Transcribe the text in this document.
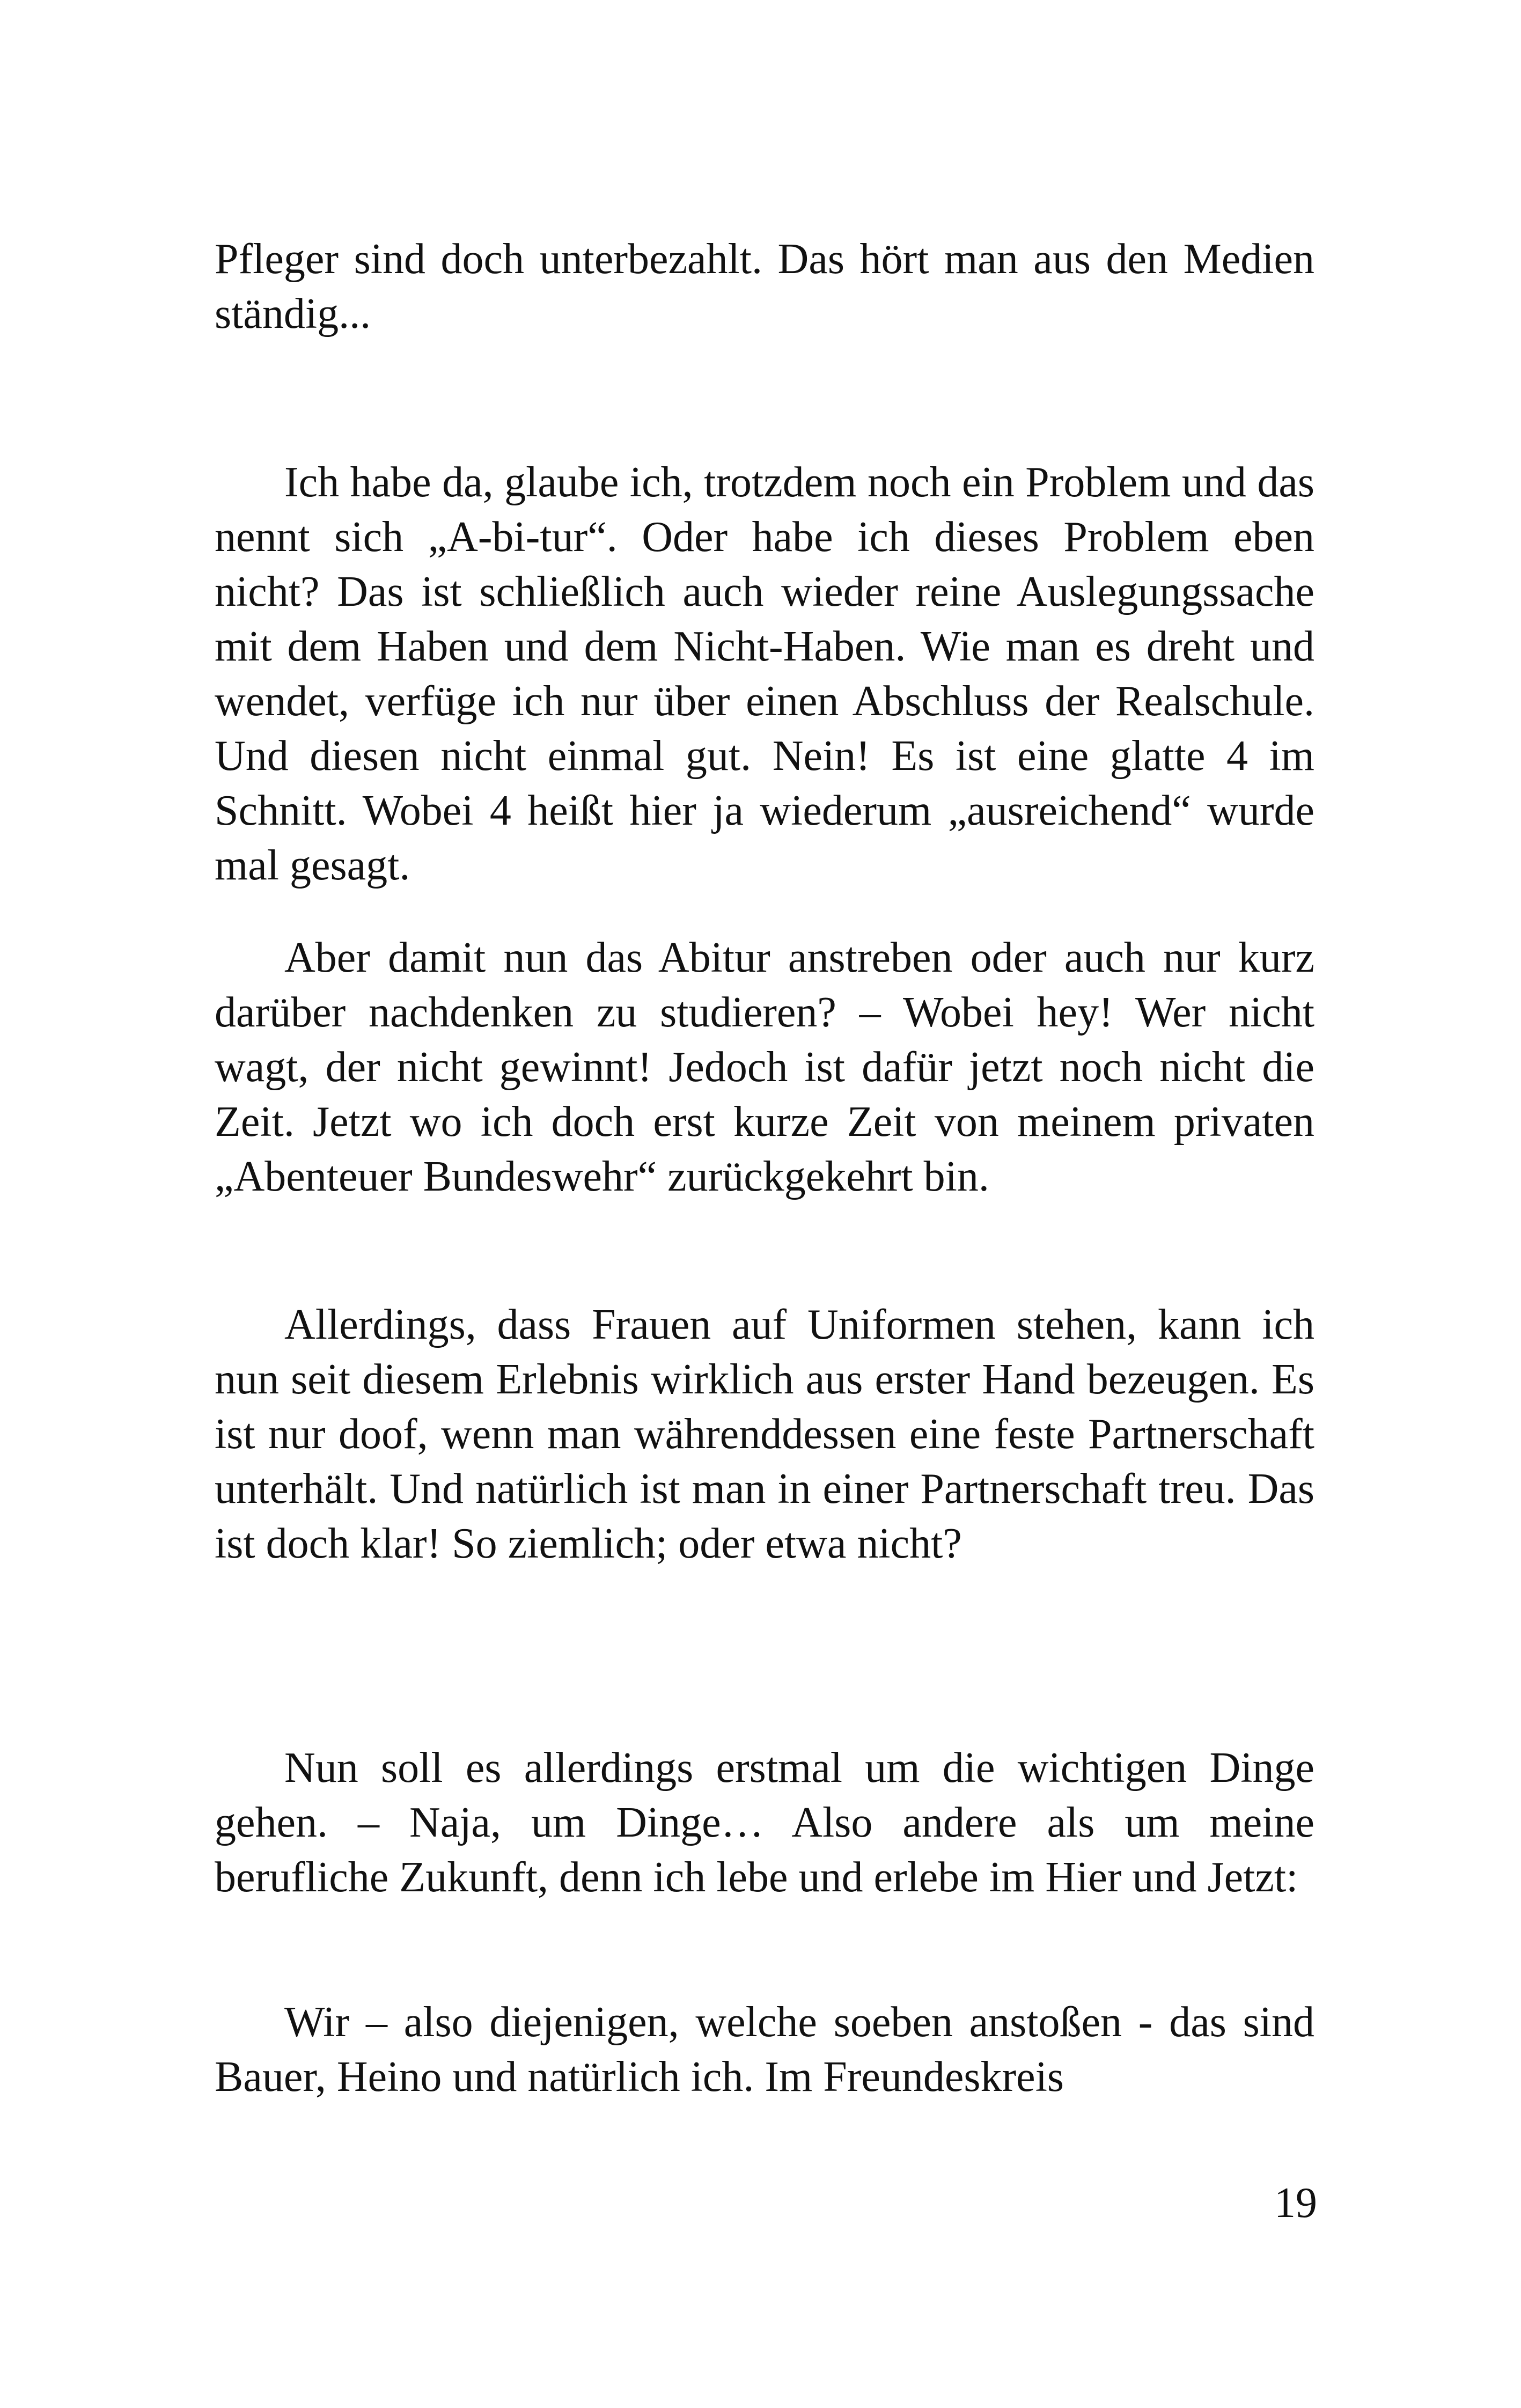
Pfleger sind doch unterbezahlt. Das hört man aus den Medien ständig...

Ich habe da, glaube ich, trotzdem noch ein Problem und das nennt sich „A-bi-tur“. Oder habe ich dieses Problem eben nicht? Das ist schließlich auch wieder reine Auslegungssache mit dem Haben und dem Nicht-Haben. Wie man es dreht und wendet, verfüge ich nur über einen Abschluss der Realschule. Und diesen nicht einmal gut. Nein! Es ist eine glatte 4 im Schnitt. Wobei 4 heißt hier ja wiederum „ausreichend“ wurde mal gesagt.

Aber damit nun das Abitur anstreben oder auch nur kurz darüber nachdenken zu studieren? – Wobei hey! Wer nicht wagt, der nicht gewinnt! Jedoch ist dafür jetzt noch nicht die Zeit. Jetzt wo ich doch erst kurze Zeit von meinem privaten „Abenteuer Bundeswehr“ zurückgekehrt bin.

Allerdings, dass Frauen auf Uniformen stehen, kann ich nun seit diesem Erlebnis wirklich aus erster Hand bezeugen. Es ist nur doof, wenn man währenddessen eine feste Partnerschaft unterhält. Und natürlich ist man in einer Partnerschaft treu. Das ist doch klar! So ziemlich; oder etwa nicht?

Nun soll es allerdings erstmal um die wichtigen Dinge gehen. – Naja, um Dinge… Also andere als um meine berufliche Zukunft, denn ich lebe und erlebe im Hier und Jetzt:

Wir – also diejenigen, welche soeben anstoßen - das sind Bauer, Heino und natürlich ich. Im Freundeskreis

19
